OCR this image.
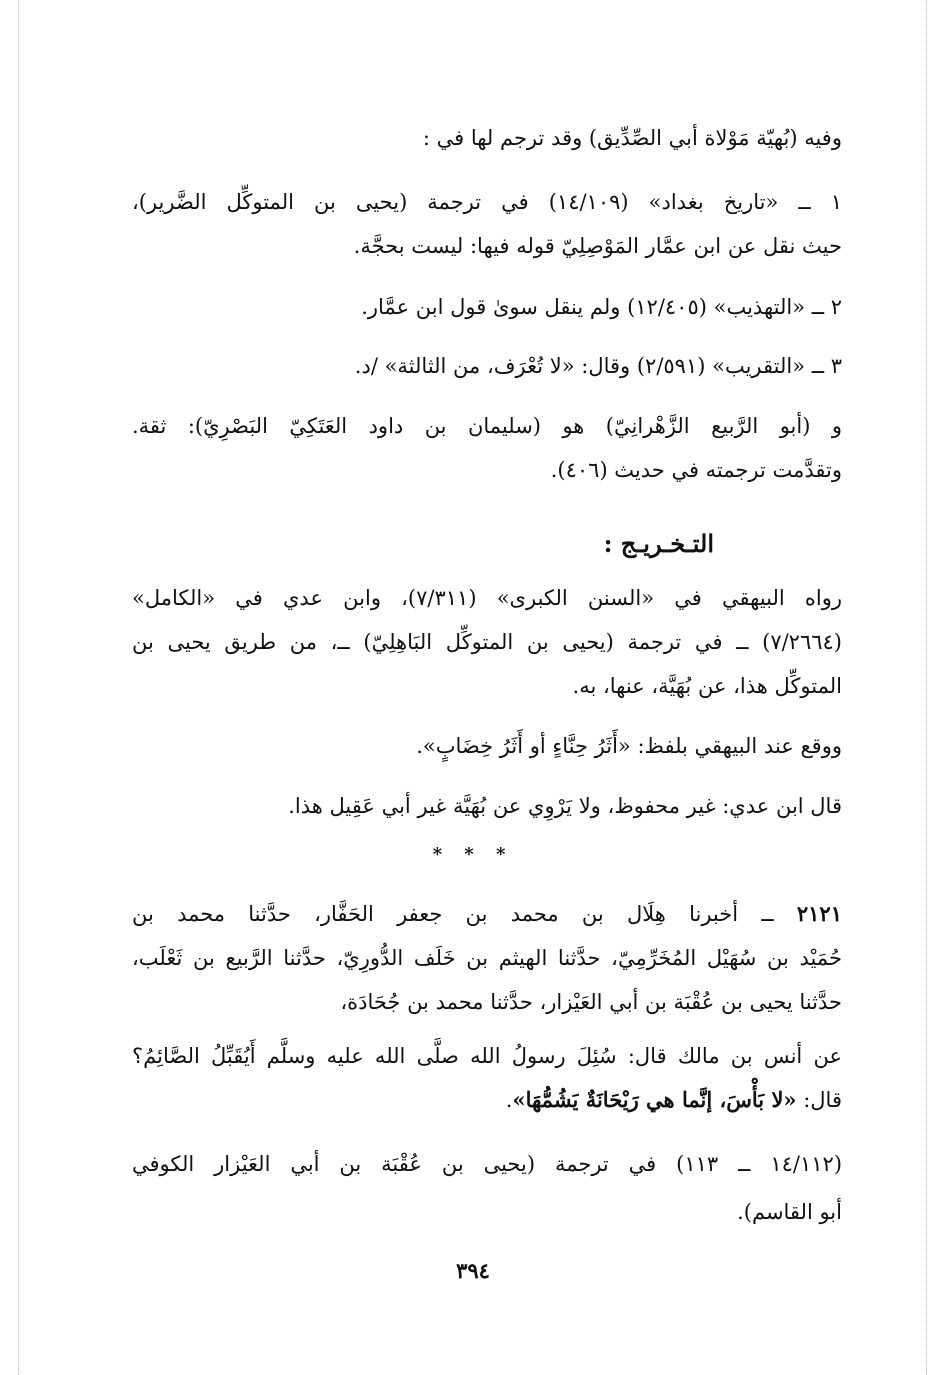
وفيه (بُهيّة مَوْلاة أبي الصِّدِّيق) وقد ترجم لها في :

١ ــ «تاريخ بغداد» (١٤/١٠٩) في ترجمة (يحيى بن المتوكِّل الضَّرير)،

حيث نقل عن ابن عمَّار المَوْصِلِيّ قوله فيها: ليست بحجَّة.

٢ ــ «التهذيب» (١٢/٤٠٥) ولم ينقل سوىٰ قول ابن عمَّار.

٣ ــ «التقريب» (٢/٥٩١) وقال: «لا تُعْرَف، من الثالثة» /د.

و (أبو الرَّبيع الزَّهْرانِيّ) هو (سليمان بن داود العَتَكِيّ البَصْرِيّ): ثقة.

وتقدَّمت ترجمته في حديث (٤٠٦).

التـخـريـج :

رواه البيهقي في «السنن الكبرى» (٧/٣١١)، وابن عدي في «الكامل»

(٧/٢٦٦٤) ــ في ترجمة (يحيى بن المتوكِّل البَاهِلِيّ) ــ، من طريق يحيى بن

المتوكِّل هذا، عن بُهَيَّة، عنها، به.

ووقع عند البيهقي بلفظ: «أَثَرُ حِنَّاءٍ أو أَثَرُ خِضَابٍ».

قال ابن عدي: غير محفوظ، ولا يَرْوِي عن بُهَيَّة غير أبي عَقِيل هذا.

* * *

٢١٢١ ــ أخبرنا هِلَال بن محمد بن جعفر الحَفَّار، حدَّثنا محمد بن

حُمَيْد بن سُهَيْل المُخَرِّمِيّ، حدَّثنا الهيثم بن خَلَف الدُّورِيّ، حدَّثنا الرَّبيع بن ثَعْلَب،

حدَّثنا يحيى بن عُقْبَة بن أبي العَيْزار، حدَّثنا محمد بن جُحَادَة،

عن أنس بن مالك قال: سُئِلَ رسولُ الله صلَّى الله عليه وسلَّم أَيُقَبِّلُ الصَّائِمُ؟

قال: «لا بَأْسَ، إنَّما هي رَيْحَانَةٌ يَشُمُّهَا».

(١٤/١١٢ ــ ١١٣) في ترجمة (يحيى بن عُقْبَة بن أبي العَيْزار الكوفي

أبو القاسم).

٣٩٤
